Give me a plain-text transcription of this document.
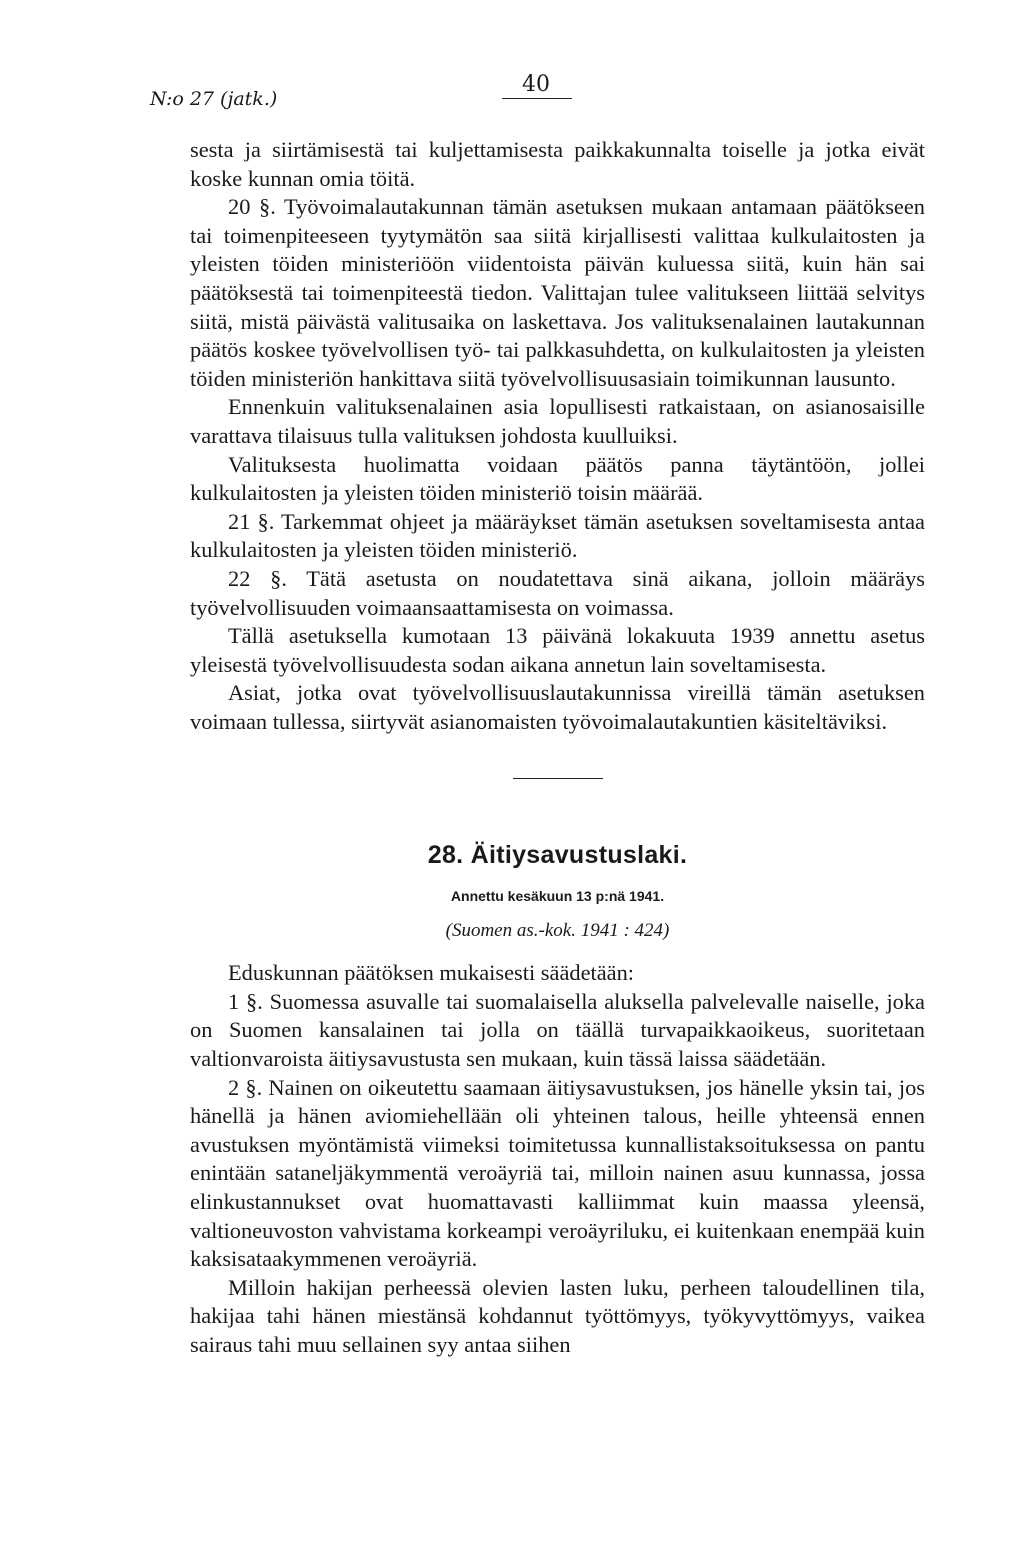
N:o 27 (jatk.)
40

sesta ja siirtämisestä tai kuljettamisesta paikkakunnalta toiselle ja jotka eivät koske kunnan omia töitä.

20 §. Työvoimalautakunnan tämän asetuksen mukaan antamaan päätökseen tai toimenpiteeseen tyytymätön saa siitä kirjallisesti valittaa kulkulaitosten ja yleisten töiden ministeriöön viidentoista päivän kuluessa siitä, kuin hän sai päätöksestä tai toimenpiteestä tiedon. Valittajan tulee valitukseen liittää selvitys siitä, mistä päivästä valitusaika on laskettava. Jos valituksenalainen lautakunnan päätös koskee työvelvollisen työ- tai palkkasuhdetta, on kulkulaitosten ja yleisten töiden ministeriön hankittava siitä työvelvollisuusasiain toimikunnan lausunto.

Ennenkuin valituksenalainen asia lopullisesti ratkaistaan, on asianosaisille varattava tilaisuus tulla valituksen johdosta kuulluiksi.

Valituksesta huolimatta voidaan päätös panna täytäntöön, jollei kulkulaitosten ja yleisten töiden ministeriö toisin määrää.

21 §. Tarkemmat ohjeet ja määräykset tämän asetuksen soveltamisesta antaa kulkulaitosten ja yleisten töiden ministeriö.

22 §. Tätä asetusta on noudatettava sinä aikana, jolloin määräys työvelvollisuuden voimaansaattamisesta on voimassa.

Tällä asetuksella kumotaan 13 päivänä lokakuuta 1939 annettu asetus yleisestä työvelvollisuudesta sodan aikana annetun lain soveltamisesta.

Asiat, jotka ovat työvelvollisuuslautakunnissa vireillä tämän asetuksen voimaan tullessa, siirtyvät asianomaisten työvoimalautakuntien käsiteltäviksi.

28. Äitiysavustuslaki.
Annettu kesäkuun 13 p:nä 1941.
(Suomen as.-kok. 1941 : 424)

Eduskunnan päätöksen mukaisesti säädetään:

1 §. Suomessa asuvalle tai suomalaisella aluksella palvelevalle naiselle, joka on Suomen kansalainen tai jolla on täällä turvapaikkaoikeus, suoritetaan valtionvaroista äitiysavustusta sen mukaan, kuin tässä laissa säädetään.

2 §. Nainen on oikeutettu saamaan äitiysavustuksen, jos hänelle yksin tai, jos hänellä ja hänen aviomiehellään oli yhteinen talous, heille yhteensä ennen avustuksen myöntämistä viimeksi toimitetussa kunnallistaksoituksessa on pantu enintään sataneljäkymmentä veroäyriä tai, milloin nainen asuu kunnassa, jossa elinkustannukset ovat huomattavasti kalliimmat kuin maassa yleensä, valtioneuvoston vahvistama korkeampi veroäyriluku, ei kuitenkaan enempää kuin kaksisataakymmenen veroäyriä.

Milloin hakijan perheessä olevien lasten luku, perheen taloudellinen tila, hakijaa tahi hänen miestänsä kohdannut työttömyys, työkyvyttömyys, vaikea sairaus tahi muu sellainen syy antaa siihen
